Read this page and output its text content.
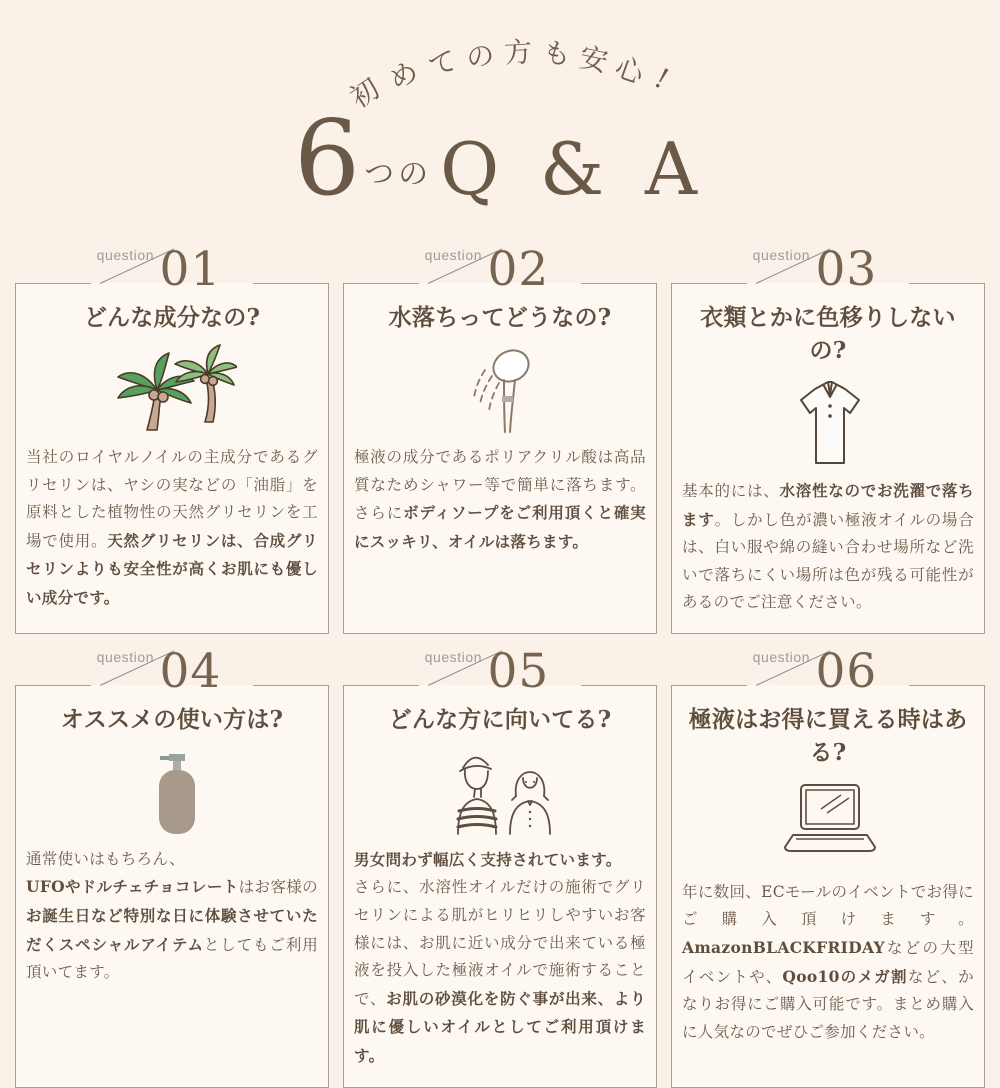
初
め て の 方 も 安 心 !
6 つの Q & A
question 01
どんな成分なの?

当社のロイヤルノイルの主成分であるグリセリンは、ヤシの実などの「油脂」を原料とした植物性の天然グリセリンを工場で使用。天然グリセリンは、合成グリセリンよりも安全性が高くお肌にも優しい成分です。

question 02
水落ちってどうなの?

極液の成分であるポリアクリル酸は高品質なためシャワー等で簡単に落ちます。さらにボディソープをご利用頂くと確実にスッキリ、オイルは落ちます。

question 03
衣類とかに色移りしないの?

基本的には、水溶性なのでお洗濯で落ちます。しかし色が濃い極液オイルの場合は、白い服や綿の縫い合わせ場所など洗いで落ちにくい場所は色が残る可能性があるのでご注意ください。

question 04
オススメの使い方は?

通常使いはもちろん、
UFOやドルチェチョコレートはお客様のお誕生日など特別な日に体験させていただくスペシャルアイテムとしてもご利用頂いてます。

question 05
どんな方に向いてる?

男女問わず幅広く支持されています。
さらに、水溶性オイルだけの施術でグリセリンによる肌がヒリヒリしやすいお客様には、お肌に近い成分で出来ている極液を投入した極液オイルで施術することで、お肌の砂漠化を防ぐ事が出来、より肌に優しいオイルとしてご利用頂けます。

question 06
極液はお得に買える時はある?

年に数回、ECモールのイベントでお得にご購入頂けます。AmazonBLACKFRIDAYなどの大型イベントや、Qoo10のメガ割など、かなりお得にご購入可能です。まとめ購入に人気なのでぜひご参加ください。
